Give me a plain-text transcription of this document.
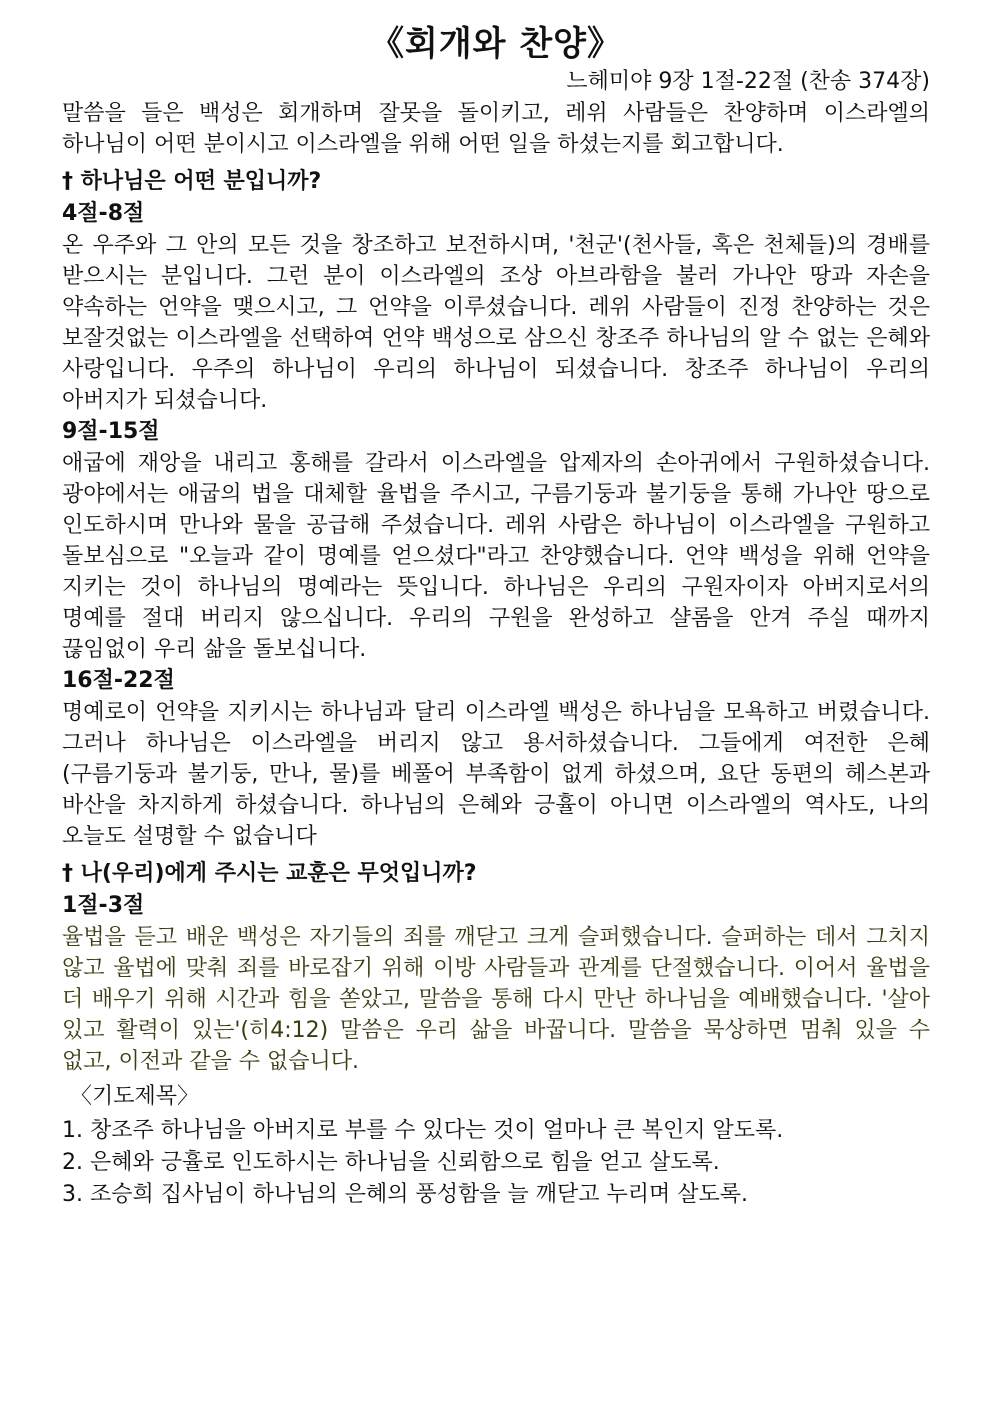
《회개와 찬양》

느헤미야 9장 1절-22절 (찬송 374장)

말씀을 들은 백성은 회개하며 잘못을 돌이키고, 레위 사람들은 찬양하며 이스라엘의 하나님이 어떤 분이시고 이스라엘을 위해 어떤 일을 하셨는지를 회고합니다.

† 하나님은 어떤 분입니까?

4절-8절

온 우주와 그 안의 모든 것을 창조하고 보전하시며, '천군'(천사들, 혹은 천체들)의 경배를 받으시는 분입니다. 그런 분이 이스라엘의 조상 아브라함을 불러 가나안 땅과 자손을 약속하는 언약을 맺으시고, 그 언약을 이루셨습니다. 레위 사람들이 진정 찬양하는 것은 보잘것없는 이스라엘을 선택하여 언약 백성으로 삼으신 창조주 하나님의 알 수 없는 은혜와 사랑입니다. 우주의 하나님이 우리의 하나님이 되셨습니다. 창조주 하나님이 우리의 아버지가 되셨습니다.

9절-15절

애굽에 재앙을 내리고 홍해를 갈라서 이스라엘을 압제자의 손아귀에서 구원하셨습니다. 광야에서는 애굽의 법을 대체할 율법을 주시고, 구름기둥과 불기둥을 통해 가나안 땅으로 인도하시며 만나와 물을 공급해 주셨습니다. 레위 사람은 하나님이 이스라엘을 구원하고 돌보심으로 "오늘과 같이 명예를 얻으셨다"라고 찬양했습니다. 언약 백성을 위해 언약을 지키는 것이 하나님의 명예라는 뜻입니다. 하나님은 우리의 구원자이자 아버지로서의 명예를 절대 버리지 않으십니다. 우리의 구원을 완성하고 샬롬을 안겨 주실 때까지 끊임없이 우리 삶을 돌보십니다.

16절-22절

명예로이 언약을 지키시는 하나님과 달리 이스라엘 백성은 하나님을 모욕하고 버렸습니다. 그러나 하나님은 이스라엘을 버리지 않고 용서하셨습니다. 그들에게 여전한 은혜(구름기둥과 불기둥, 만나, 물)를 베풀어 부족함이 없게 하셨으며, 요단 동편의 헤스본과 바산을 차지하게 하셨습니다. 하나님의 은혜와 긍휼이 아니면 이스라엘의 역사도, 나의 오늘도 설명할 수 없습니다

† 나(우리)에게 주시는 교훈은 무엇입니까?

1절-3절

율법을 듣고 배운 백성은 자기들의 죄를 깨닫고 크게 슬퍼했습니다. 슬퍼하는 데서 그치지 않고 율법에 맞춰 죄를 바로잡기 위해 이방 사람들과 관계를 단절했습니다. 이어서 율법을 더 배우기 위해 시간과 힘을 쏟았고, 말씀을 통해 다시 만난 하나님을 예배했습니다. '살아 있고 활력이 있는'(히4:12) 말씀은 우리 삶을 바꿉니다. 말씀을 묵상하면 멈춰 있을 수 없고, 이전과 같을 수 없습니다.

〈기도제목〉

1. 창조주 하나님을 아버지로 부를 수 있다는 것이 얼마나 큰 복인지 알도록.

2. 은혜와 긍휼로 인도하시는 하나님을 신뢰함으로 힘을 얻고 살도록.

3. 조승희 집사님이 하나님의 은혜의 풍성함을 늘 깨닫고 누리며 살도록.
